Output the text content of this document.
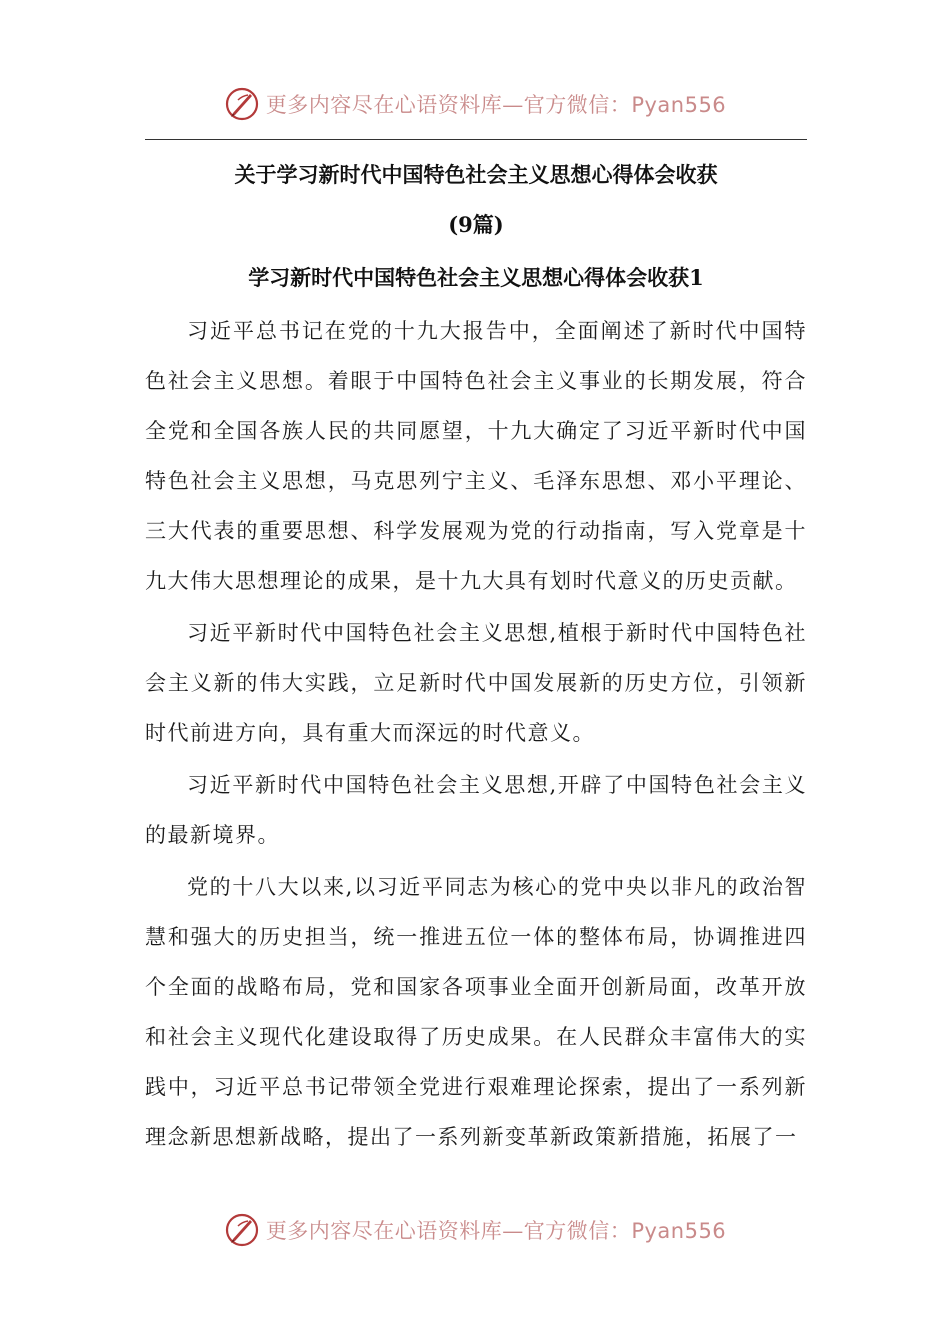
更多内容尽在心语资料库—官方微信：Pyan556

关于学习新时代中国特色社会主义思想心得体会收获

(9篇)

学习新时代中国特色社会主义思想心得体会收获1

习近平总书记在党的十九大报告中，全面阐述了新时代中国特色社会主义思想。着眼于中国特色社会主义事业的长期发展，符合全党和全国各族人民的共同愿望，十九大确定了习近平新时代中国特色社会主义思想，马克思列宁主义、毛泽东思想、邓小平理论、三大代表的重要思想、科学发展观为党的行动指南，写入党章是十九大伟大思想理论的成果，是十九大具有划时代意义的历史贡献。

习近平新时代中国特色社会主义思想,植根于新时代中国特色社会主义新的伟大实践，立足新时代中国发展新的历史方位，引领新时代前进方向，具有重大而深远的时代意义。

习近平新时代中国特色社会主义思想,开辟了中国特色社会主义的最新境界。

党的十八大以来,以习近平同志为核心的党中央以非凡的政治智慧和强大的历史担当，统一推进五位一体的整体布局，协调推进四个全面的战略布局，党和国家各项事业全面开创新局面，改革开放和社会主义现代化建设取得了历史成果。在人民群众丰富伟大的实践中，习近平总书记带领全党进行艰难理论探索，提出了一系列新理念新思想新战略，提出了一系列新变革新政策新措施，拓展了一

更多内容尽在心语资料库—官方微信：Pyan556
